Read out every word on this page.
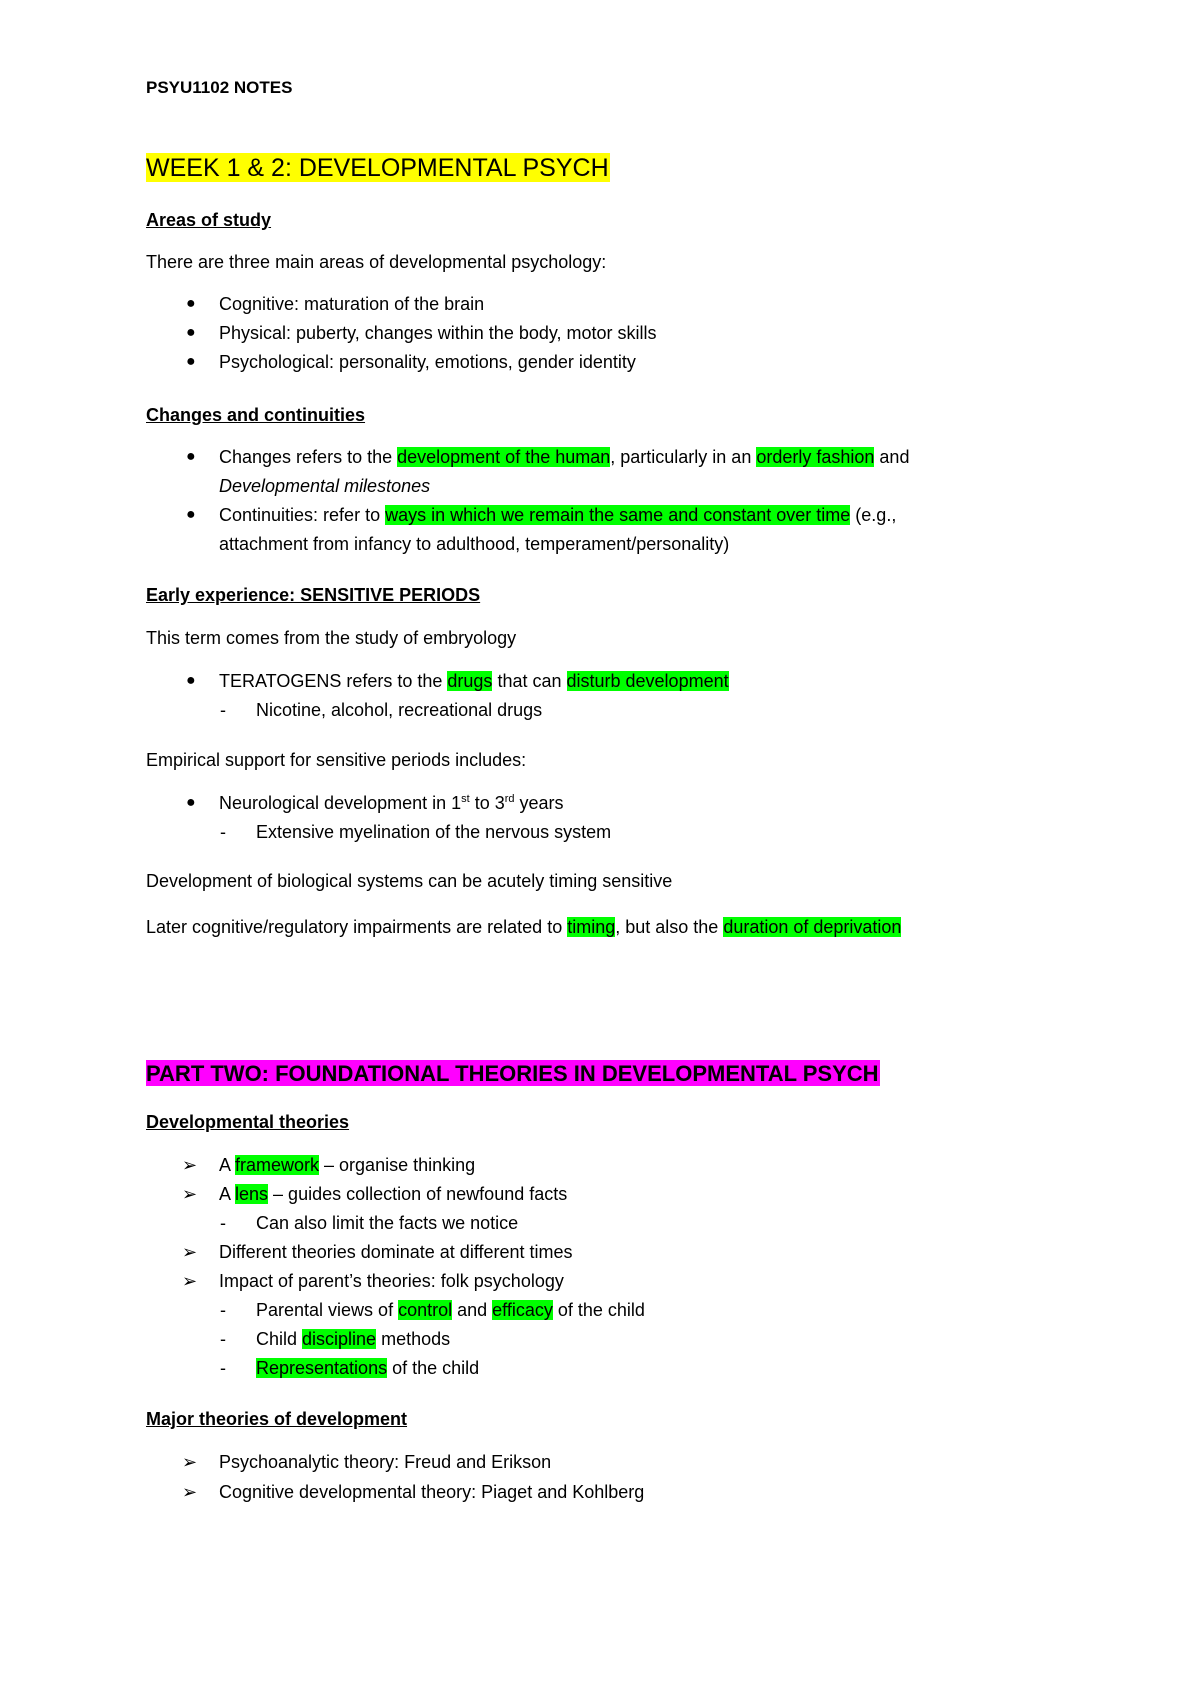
PSYU1102 NOTES
WEEK 1 & 2: DEVELOPMENTAL PSYCH
Areas of study
There are three main areas of developmental psychology:
● Cognitive: maturation of the brain
● Physical: puberty, changes within the body, motor skills
● Psychological: personality, emotions, gender identity
Changes and continuities
● Changes refers to the development of the human, particularly in an orderly fashion and
Developmental milestones
● Continuities: refer to ways in which we remain the same and constant over time (e.g.,
attachment from infancy to adulthood, temperament/personality)
Early experience: SENSITIVE PERIODS
This term comes from the study of embryology
● TERATOGENS refers to the drugs that can disturb development
- Nicotine, alcohol, recreational drugs
Empirical support for sensitive periods includes:
● Neurological development in 1st to 3rd years
- Extensive myelination of the nervous system
Development of biological systems can be acutely timing sensitive
Later cognitive/regulatory impairments are related to timing, but also the duration of deprivation
PART TWO: FOUNDATIONAL THEORIES IN DEVELOPMENTAL PSYCH
Developmental theories
➢ A framework – organise thinking
➢ A lens – guides collection of newfound facts
- Can also limit the facts we notice
➢ Different theories dominate at different times
➢ Impact of parent’s theories: folk psychology
- Parental views of control and efficacy of the child
- Child discipline methods
- Representations of the child
Major theories of development
➢ Psychoanalytic theory: Freud and Erikson
➢ Cognitive developmental theory: Piaget and Kohlberg
